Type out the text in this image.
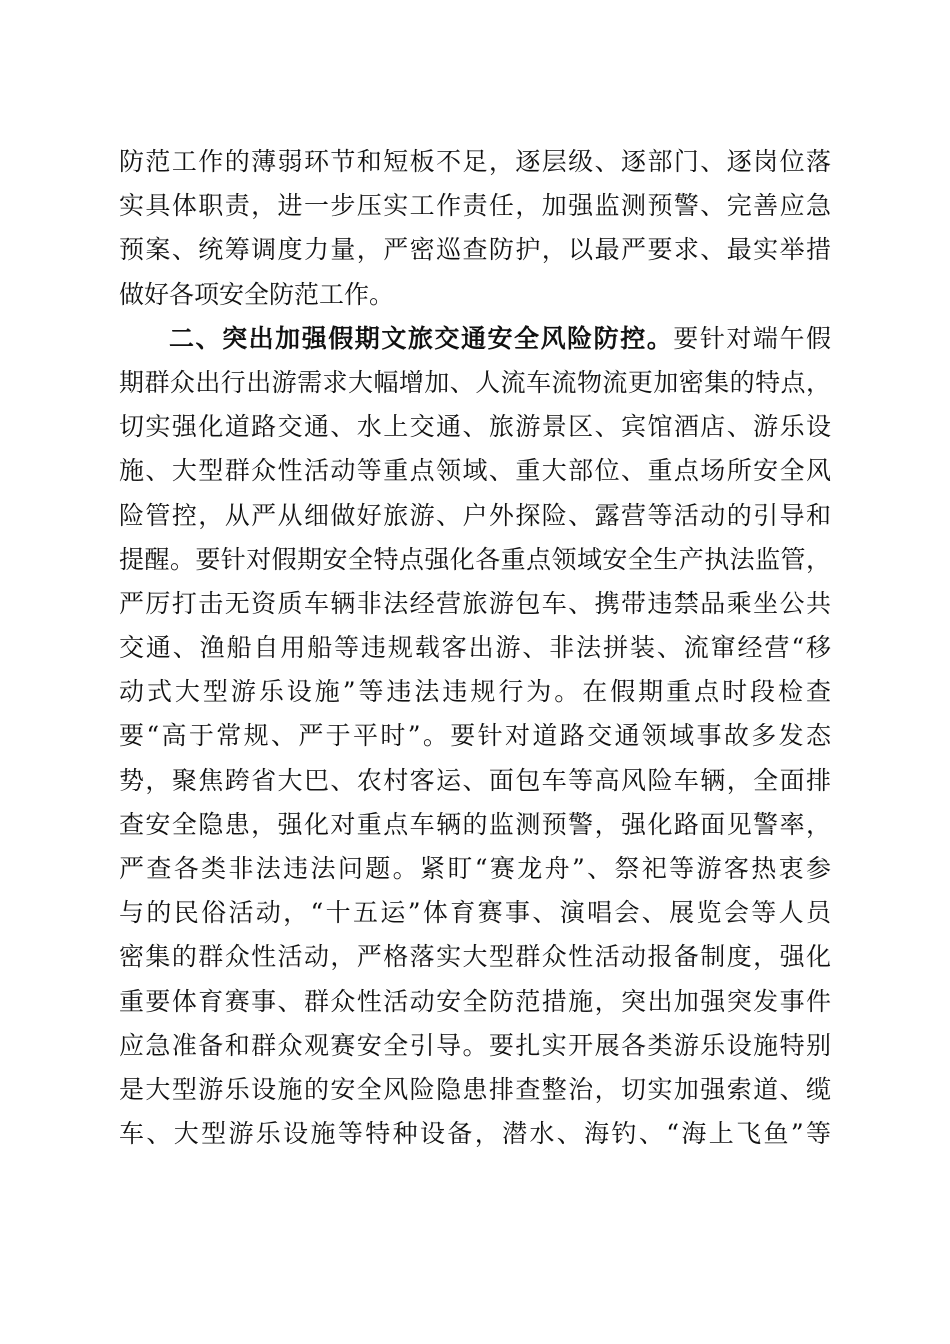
防范工作的薄弱环节和短板不足，逐层级、逐部门、逐岗位落
实具体职责，进一步压实工作责任，加强监测预警、完善应急
预案、统筹调度力量，严密巡查防护，以最严要求、最实举措
做好各项安全防范工作。
二、突出加强假期文旅交通安全风险防控。要针对端午假
期群众出行出游需求大幅增加、人流车流物流更加密集的特点，
切实强化道路交通、水上交通、旅游景区、宾馆酒店、游乐设
施、大型群众性活动等重点领域、重大部位、重点场所安全风
险管控，从严从细做好旅游、户外探险、露营等活动的引导和
提醒。要针对假期安全特点强化各重点领域安全生产执法监管，
严厉打击无资质车辆非法经营旅游包车、携带违禁品乘坐公共
交通、渔船自用船等违规载客出游、非法拼装、流窜经营“移
动式大型游乐设施”等违法违规行为。在假期重点时段检查
要“高于常规、严于平时”。要针对道路交通领域事故多发态
势，聚焦跨省大巴、农村客运、面包车等高风险车辆，全面排
查安全隐患，强化对重点车辆的监测预警，强化路面见警率，
严查各类非法违法问题。紧盯“赛龙舟”、祭祀等游客热衷参
与的民俗活动，“十五运”体育赛事、演唱会、展览会等人员
密集的群众性活动，严格落实大型群众性活动报备制度，强化
重要体育赛事、群众性活动安全防范措施，突出加强突发事件
应急准备和群众观赛安全引导。要扎实开展各类游乐设施特别
是大型游乐设施的安全风险隐患排查整治，切实加强索道、缆
车、大型游乐设施等特种设备，潜水、海钓、“海上飞鱼”等
